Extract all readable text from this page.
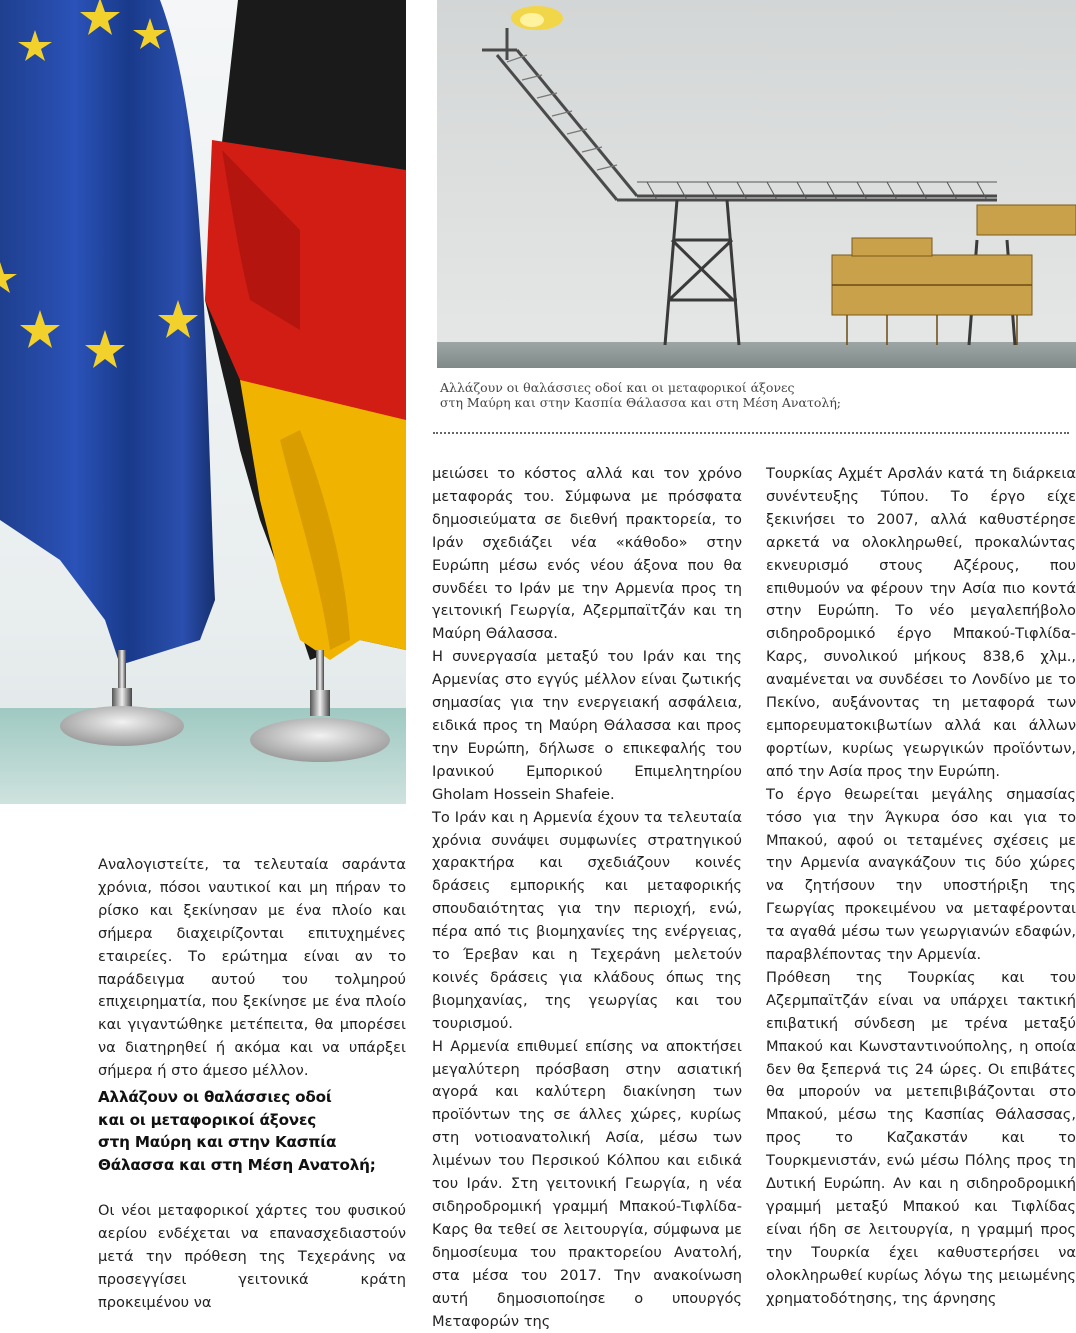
Αλλάζουν οι θαλάσσιες οδοί και οι μεταφορικοί άξονες
στη Μαύρη και στην Κασπία Θάλασσα και στη Μέση Ανατολή;

Αναλογιστείτε, τα τελευταία σαράντα χρόνια, πόσοι ναυτικοί και μη πήραν το ρίσκο και ξεκίνησαν με ένα πλοίο και σήμερα διαχειρίζονται επιτυχημένες εταιρείες. Το ερώτημα είναι αν το παράδειγμα αυτού του τολμηρού επιχειρηματία, που ξεκίνησε με ένα πλοίο και γιγαντώθηκε μετέπειτα, θα μπορέσει να διατηρηθεί ή ακόμα και να υπάρξει σήμερα ή στο άμεσο μέλλον.

Αλλάζουν οι θαλάσσιες οδοί
και οι μεταφορικοί άξονες
στη Μαύρη και στην Κασπία
Θάλασσα και στη Μέση Ανατολή;

Οι νέοι μεταφορικοί χάρτες του φυσικού αερίου ενδέχεται να επανασχεδιαστούν μετά την πρόθεση της Τεχεράνης να προσεγγίσει γειτονικά κράτη προκειμένου να

μειώσει το κόστος αλλά και τον χρόνο μεταφοράς του. Σύμφωνα με πρόσφατα δημοσιεύματα σε διεθνή πρακτορεία, το Ιράν σχεδιάζει νέα «κάθοδο» στην Ευρώπη μέσω ενός νέου άξονα που θα συνδέει το Ιράν με την Αρμενία προς τη γειτονική Γεωργία, Αζερμπαϊτζάν και τη Μαύρη Θάλασσα.

Η συνεργασία μεταξύ του Ιράν και της Αρμενίας στο εγγύς μέλλον είναι ζωτικής σημασίας για την ενεργειακή ασφάλεια, ειδικά προς τη Μαύρη Θάλασσα και προς την Ευρώπη, δήλωσε ο επικεφαλής του Ιρανικού Εμπορικού Επιμελητηρίου Gholam Hossein Shafeie.

Το Ιράν και η Αρμενία έχουν τα τελευταία χρόνια συνάψει συμφωνίες στρατηγικού χαρακτήρα και σχεδιάζουν κοινές δράσεις εμπορικής και μεταφορικής σπουδαιότητας για την περιοχή, ενώ, πέρα από τις βιομηχανίες της ενέργειας, το Έρεβαν και η Τεχεράνη μελετούν κοινές δράσεις για κλάδους όπως της βιομηχανίας, της γεωργίας και του τουρισμού.

Η Αρμενία επιθυμεί επίσης να αποκτήσει μεγαλύτερη πρόσβαση στην ασιατική αγορά και καλύτερη διακίνηση των προϊόντων της σε άλλες χώρες, κυρίως στη νοτιοανατολική Ασία, μέσω των λιμένων του Περσικού Κόλπου και ειδικά του Ιράν. Στη γειτονική Γεωργία, η νέα σιδηροδρομική γραμμή Μπακού-Τιφλίδα-Καρς θα τεθεί σε λειτουργία, σύμφωνα με δημοσίευμα του πρακτορείου Ανατολή, στα μέσα του 2017. Την ανακοίνωση αυτή δημοσιοποίησε ο υπουργός Μεταφορών της

Τουρκίας Αχμέτ Αρσλάν κατά τη διάρκεια συνέντευξης Τύπου. Το έργο είχε ξεκινήσει το 2007, αλλά καθυστέρησε αρκετά να ολοκληρωθεί, προκαλώντας εκνευρισμό στους Αζέρους, που επιθυμούν να φέρουν την Ασία πιο κοντά στην Ευρώπη. Το νέο μεγαλεπήβολο σιδηροδρομικό έργο Μπακού-Τιφλίδα-Καρς, συνολικού μήκους 838,6 χλμ., αναμένεται να συνδέσει το Λονδίνο με το Πεκίνο, αυξάνοντας τη μεταφορά των εμπορευματοκιβωτίων αλλά και άλλων φορτίων, κυρίως γεωργικών προϊόντων, από την Ασία προς την Ευρώπη.

Το έργο θεωρείται μεγάλης σημασίας τόσο για την Άγκυρα όσο και για το Μπακού, αφού οι τεταμένες σχέσεις με την Αρμενία αναγκάζουν τις δύο χώρες να ζητήσουν την υποστήριξη της Γεωργίας προκειμένου να μεταφέρονται τα αγαθά μέσω των γεωργιανών εδαφών, παραβλέποντας την Αρμενία.

Πρόθεση της Τουρκίας και του Αζερμπαϊτζάν είναι να υπάρχει τακτική επιβατική σύνδεση με τρένα μεταξύ Μπακού και Κωνσταντινούπολης, η οποία δεν θα ξεπερνά τις 24 ώρες. Οι επιβάτες θα μπορούν να μετεπιβιβάζονται στο Μπακού, μέσω της Κασπίας Θάλασσας, προς το Καζακστάν και το Τουρκμενιστάν, ενώ μέσω Πόλης προς τη Δυτική Ευρώπη. Αν και η σιδηροδρομική γραμμή μεταξύ Μπακού και Τιφλίδας είναι ήδη σε λειτουργία, η γραμμή προς την Τουρκία έχει καθυστερήσει να ολοκληρωθεί κυρίως λόγω της μειωμένης χρηματοδότησης, της άρνησης
